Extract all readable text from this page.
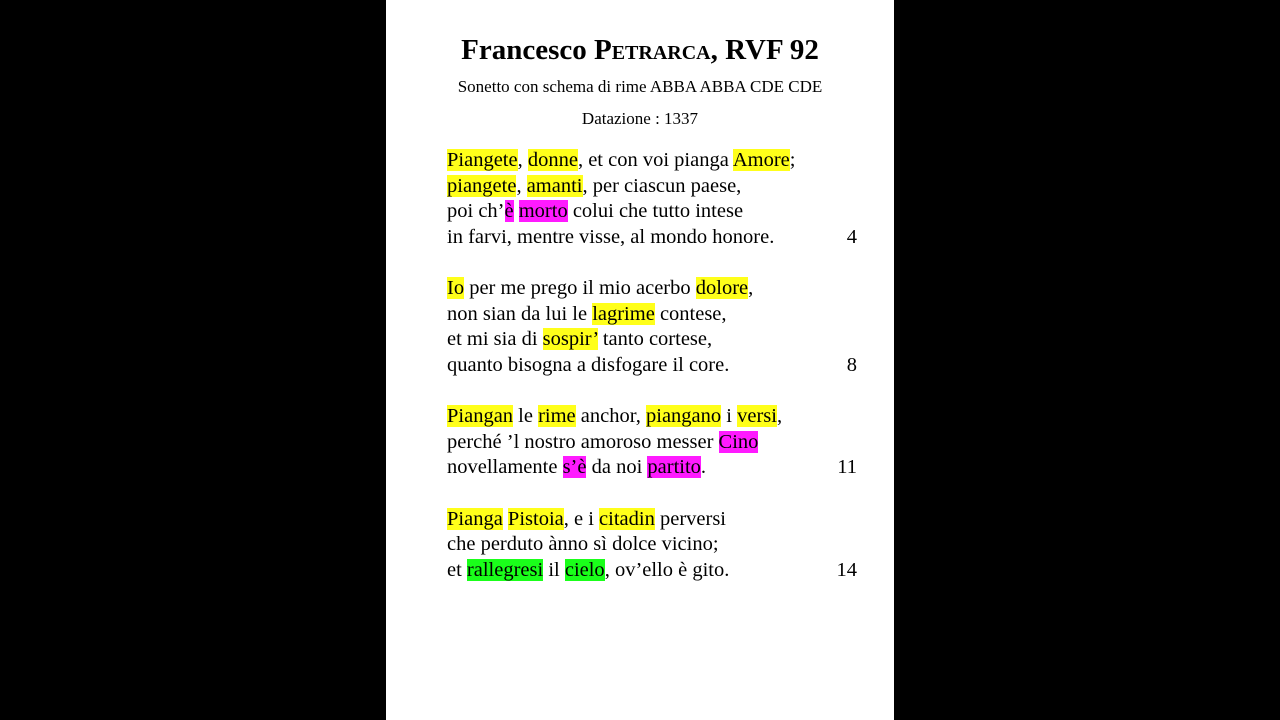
Francesco Petrarca, RVF 92
Sonetto con schema di rime ABBA ABBA CDE CDE
Datazione : 1337
Piangete, donne, et con voi pianga Amore;
piangete, amanti, per ciascun paese,
poi ch’è morto colui che tutto intese
in farvi, mentre visse, al mondo honore.	4
Io per me prego il mio acerbo dolore,
non sian da lui le lagrime contese,
et mi sia di sospir’ tanto cortese,
quanto bisogna a disfogare il core.	8
Piangan le rime anchor, piangano i versi,
perché ’l nostro amoroso messer Cino
novellamente s’è da noi partito.	11
Pianga Pistoia, e i citadin perversi
che perduto ànno sì dolce vicino;
et rallegresi il cielo, ov’ello è gito.	14
